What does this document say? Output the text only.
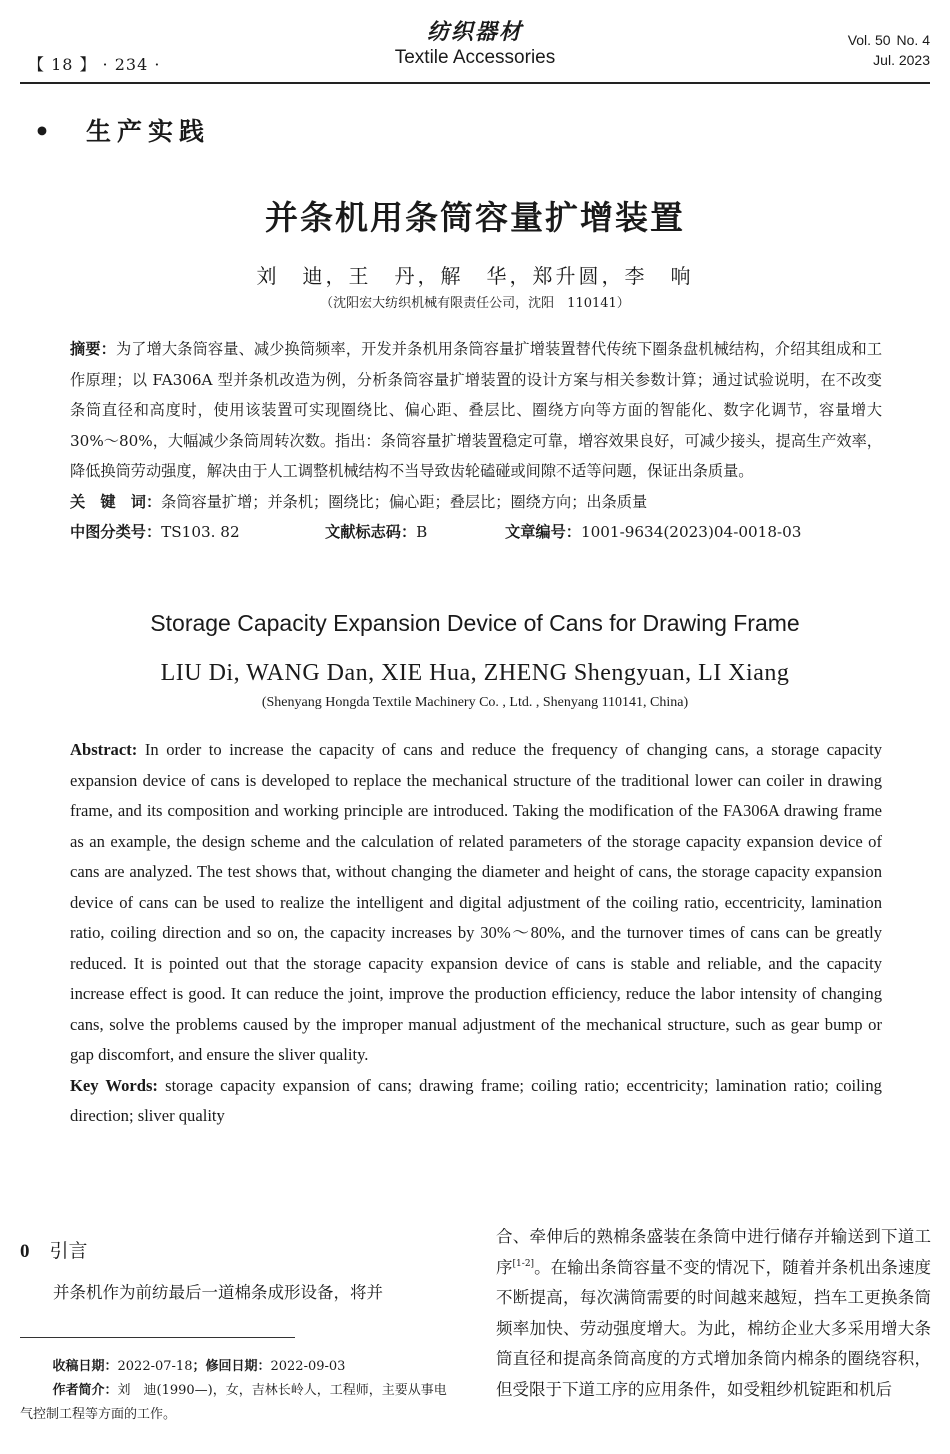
【 18 】 · 234 ·
纺织器材
Textile Accessories
Vol. 50 No. 4
Jul. 2023
• 生产实践
并条机用条筒容量扩增装置
刘　迪，王　丹，解　华，郑升圆，李　响
（沈阳宏大纺织机械有限责任公司，沈阳　110141）

摘要：为了增大条筒容量、减少换筒频率，开发并条机用条筒容量扩增装置替代传统下圈条盘机械结构，介绍其组成和工作原理；以 FA306A 型并条机改造为例，分析条筒容量扩增装置的设计方案与相关参数计算；通过试验说明，在不改变条筒直径和高度时，使用该装置可实现圈绕比、偏心距、叠层比、圈绕方向等方面的智能化、数字化调节，容量增大 30%～80%，大幅减少条筒周转次数。指出：条筒容量扩增装置稳定可靠，增容效果良好，可减少接头，提高生产效率，降低换筒劳动强度，解决由于人工调整机械结构不当导致齿轮磕碰或间隙不适等问题，保证出条质量。

关　键　词：条筒容量扩增；并条机；圈绕比；偏心距；叠层比；圈绕方向；出条质量

中图分类号：TS103. 82	文献标志码：B	文章编号：1001-9634(2023)04-0018-03
Storage Capacity Expansion Device of Cans for Drawing Frame
LIU Di, WANG Dan, XIE Hua, ZHENG Shengyuan, LI Xiang
(Shenyang Hongda Textile Machinery Co. , Ltd. , Shenyang 110141, China)

Abstract: In order to increase the capacity of cans and reduce the frequency of changing cans, a storage capacity expansion device of cans is developed to replace the mechanical structure of the traditional lower can coiler in drawing frame, and its composition and working principle are introduced. Taking the modification of the FA306A drawing frame as an example, the design scheme and the calculation of related parameters of the storage capacity expansion device of cans are analyzed. The test shows that, without changing the diameter and height of cans, the storage capacity expansion device of cans can be used to realize the intelligent and digital adjustment of the coiling ratio, eccentricity, lamination ratio, coiling direction and so on, the capacity increases by 30%～80%, and the turnover times of cans can be greatly reduced. It is pointed out that the storage capacity expansion device of cans is stable and reliable, and the capacity increase effect is good. It can reduce the joint, improve the production efficiency, reduce the labor intensity of changing cans, solve the problems caused by the improper manual adjustment of the mechanical structure, such as gear bump or gap discomfort, and ensure the sliver quality.

Key Words: storage capacity expansion of cans; drawing frame; coiling ratio; eccentricity; lamination ratio; coiling direction; sliver quality

0 引言

并条机作为前纺最后一道棉条成形设备，将并

收稿日期：2022-07-18；修回日期：2022-09-03

作者简介：刘　迪(1990—)，女，吉林长岭人，工程师，主要从事电气控制工程等方面的工作。

合、牵伸后的熟棉条盛装在条筒中进行储存并输送到下道工序[1-2]。在输出条筒容量不变的情况下，随着并条机出条速度不断提高，每次满筒需要的时间越来越短，挡车工更换条筒频率加快、劳动强度增大。为此，棉纺企业大多采用增大条筒直径和提高条筒高度的方式增加条筒内棉条的圈绕容积，但受限于下道工序的应用条件，如受粗纱机锭距和机后
